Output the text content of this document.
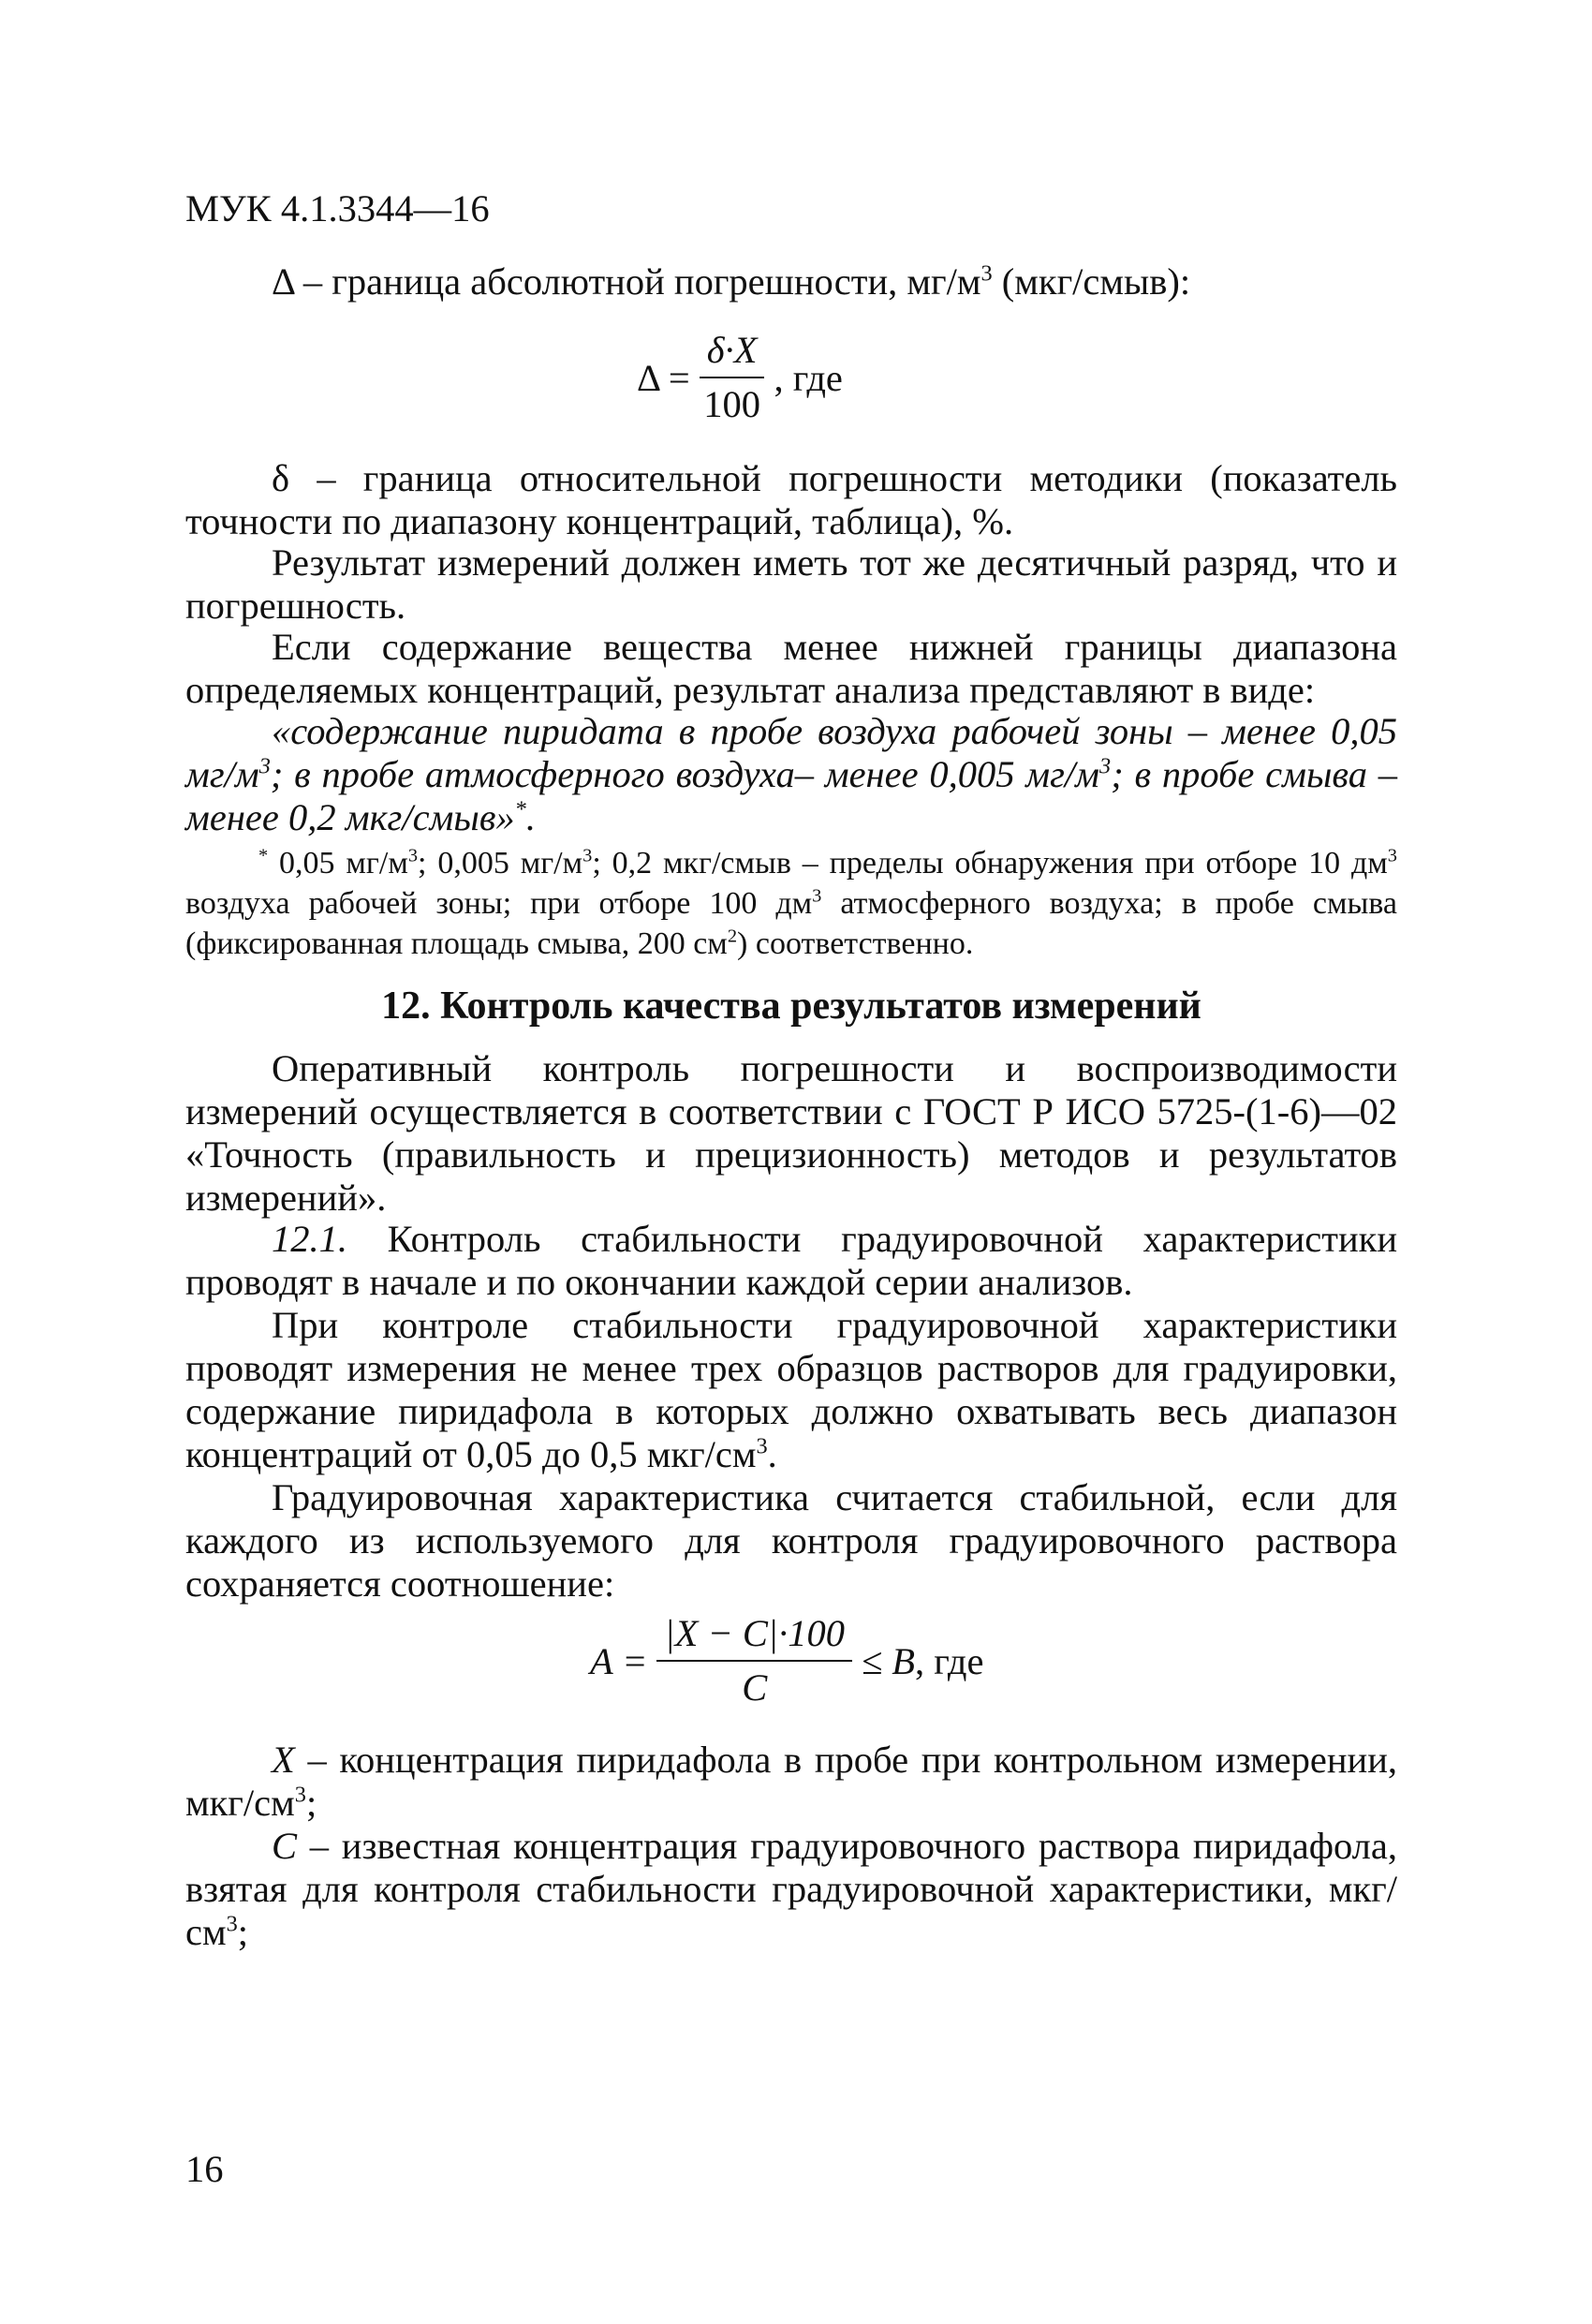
МУК 4.1.3344—16
Δ – граница абсолютной погрешности, $мг/м^3$ (мкг/смыв):
$\Delta = \frac{\delta\cdot X}{100}$ , где
δ – граница относительной погрешности методики (показатель точности по диапазону концентраций, таблица), %.
Результат измерений должен иметь тот же десятичный разряд, что и погрешность.
Если содержание вещества менее нижней границы диапазона определяемых концентраций, результат анализа представляют в виде:
«содержание пиридата в пробе воздуха рабочей зоны – менее 0,05 $мг/м^3$; в пробе атмосферного воздуха– менее 0,005 $мг/м^3$; в пробе смыва – менее 0,2 мкг/смыв»*.
* 0,05 $мг/м^3$; 0,005 $мг/м^3$; 0,2 мкг/смыв – пределы обнаружения при отборе 10 $дм^3$ воздуха рабочей зоны; при отборе 100 $дм^3$ атмосферного воздуха; в пробе смыва (фиксированная площадь смыва, 200 $см^2$) соответственно.
12. Контроль качества результатов измерений
Оперативный контроль погрешности и воспроизводимости измерений осуществляется в соответствии с ГОСТ Р ИСО 5725-(1-6)—02 «Точность (правильность и прецизионность) методов и результатов измерений».
12.1. Контроль стабильности градуировочной характеристики проводят в начале и по окончании каждой серии анализов.
При контроле стабильности градуировочной характеристики проводят измерения не менее трех образцов растворов для градуировки, содержание пиридафола в которых должно охватывать весь диапазон концентраций от 0,05 до 0,5 мкг/$см^3$.
Градуировочная характеристика считается стабильной, если для каждого из используемого для контроля градуировочного раствора сохраняется соотношение:
$A = \frac{|X - C|\cdot 100}{C} \le B$ , где
X – концентрация пиридафола в пробе при контрольном измерении, мкг/$см^3$;
C – известная концентрация градуировочного раствора пиридафола, взятая для контроля стабильности градуировочной характеристики, мкг/$см^3$;
16
